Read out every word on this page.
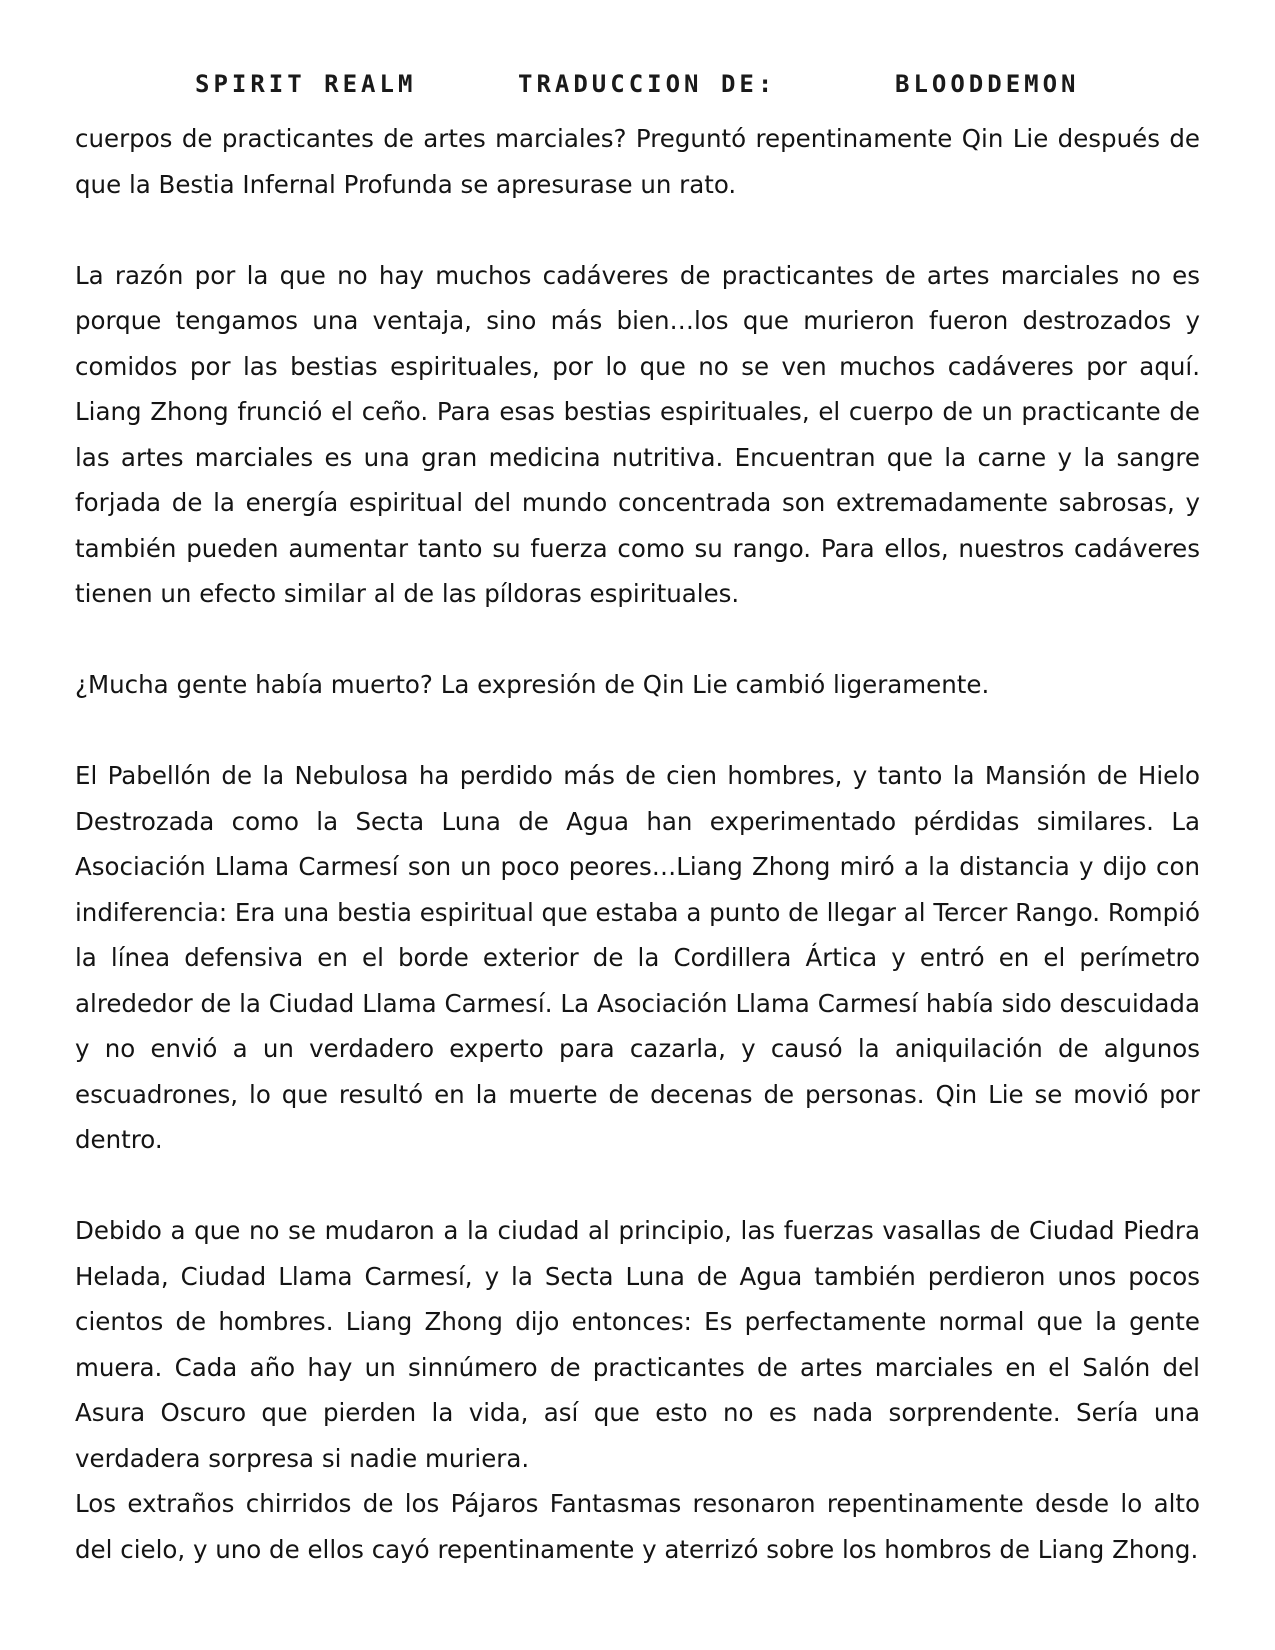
SPIRIT REALM	TRADUCCION DE:	BLOODDEMON

cuerpos de practicantes de artes marciales? Preguntó repentinamente Qin Lie después de que la Bestia Infernal Profunda se apresurase un rato.

La razón por la que no hay muchos cadáveres de practicantes de artes marciales no es porque tengamos una ventaja, sino más bien…los que murieron fueron destrozados y comidos por las bestias espirituales, por lo que no se ven muchos cadáveres por aquí. Liang Zhong frunció el ceño. Para esas bestias espirituales, el cuerpo de un practicante de las artes marciales es una gran medicina nutritiva. Encuentran que la carne y la sangre forjada de la energía espiritual del mundo concentrada son extremadamente sabrosas, y también pueden aumentar tanto su fuerza como su rango. Para ellos, nuestros cadáveres tienen un efecto similar al de las píldoras espirituales.

¿Mucha gente había muerto? La expresión de Qin Lie cambió ligeramente.

El Pabellón de la Nebulosa ha perdido más de cien hombres, y tanto la Mansión de Hielo Destrozada como la Secta Luna de Agua han experimentado pérdidas similares. La Asociación Llama Carmesí son un poco peores…Liang Zhong miró a la distancia y dijo con indiferencia: Era una bestia espiritual que estaba a punto de llegar al Tercer Rango. Rompió la línea defensiva en el borde exterior de la Cordillera Ártica y entró en el perímetro alrededor de la Ciudad Llama Carmesí. La Asociación Llama Carmesí había sido descuidada y no envió a un verdadero experto para cazarla, y causó la aniquilación de algunos escuadrones, lo que resultó en la muerte de decenas de personas. Qin Lie se movió por dentro.

Debido a que no se mudaron a la ciudad al principio, las fuerzas vasallas de Ciudad Piedra Helada, Ciudad Llama Carmesí, y la Secta Luna de Agua también perdieron unos pocos cientos de hombres. Liang Zhong dijo entonces: Es perfectamente normal que la gente muera. Cada año hay un sinnúmero de practicantes de artes marciales en el Salón del Asura Oscuro que pierden la vida, así que esto no es nada sorprendente. Sería una verdadera sorpresa si nadie muriera.

Los extraños chirridos de los Pájaros Fantasmas resonaron repentinamente desde lo alto del cielo, y uno de ellos cayó repentinamente y aterrizó sobre los hombros de Liang Zhong.
